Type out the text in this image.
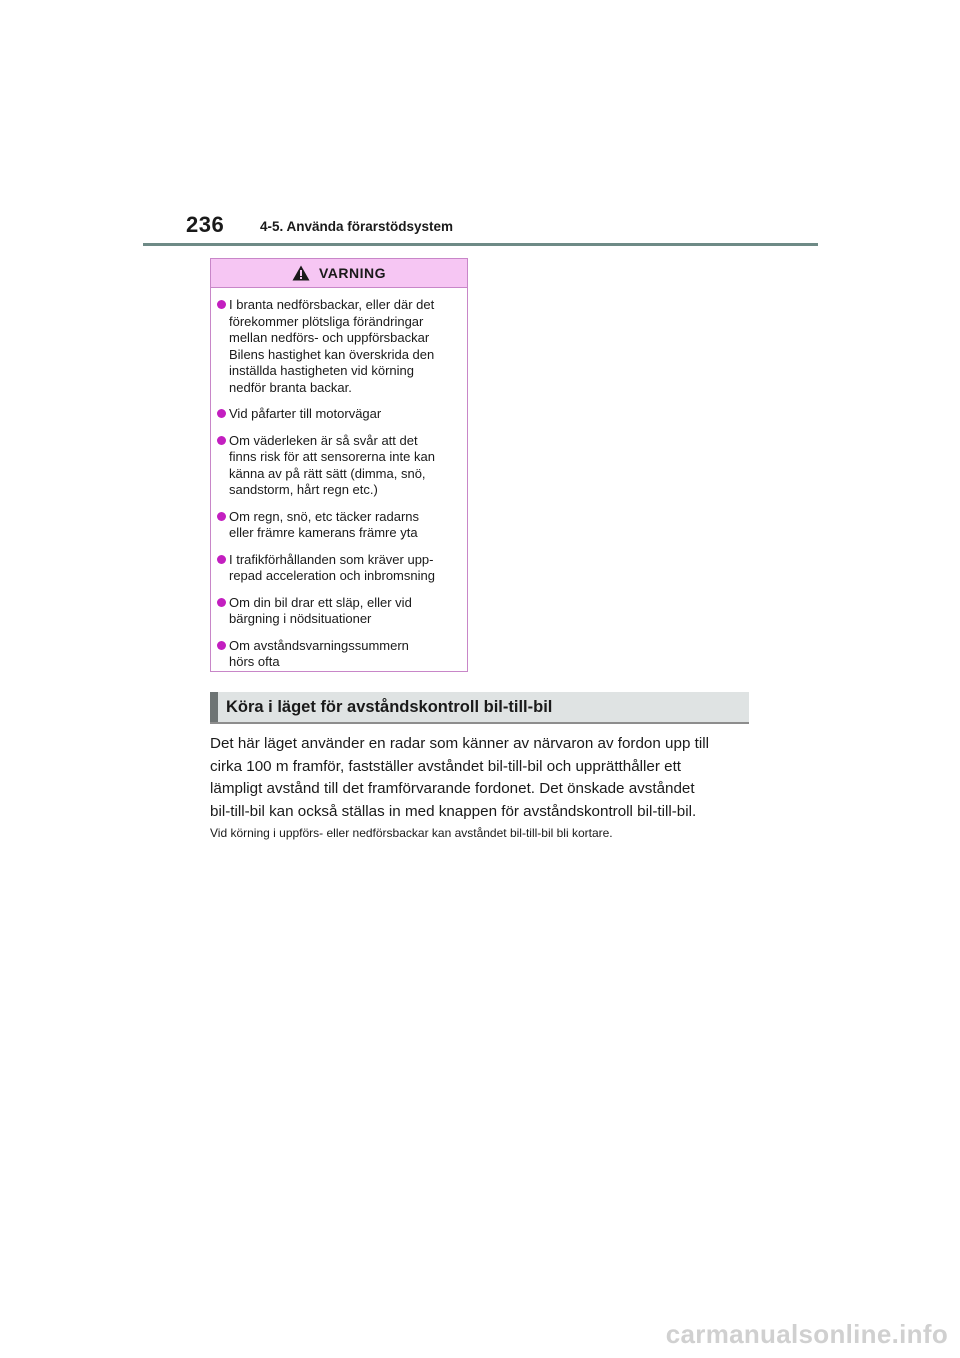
236	4-5. Använda förarstödsystem
VARNING
I branta nedförsbackar, eller där det
förekommer plötsliga förändringar
mellan nedförs- och uppförsbackar
Bilens hastighet kan överskrida den
inställda hastigheten vid körning
nedför branta backar.
Vid påfarter till motorvägar
Om väderleken är så svår att det
finns risk för att sensorerna inte kan
känna av på rätt sätt (dimma, snö,
sandstorm, hårt regn etc.)
Om regn, snö, etc täcker radarns
eller främre kamerans främre yta
I trafikförhållanden som kräver upp-
repad acceleration och inbromsning
Om din bil drar ett släp, eller vid
bärgning i nödsituationer
Om avståndsvarningssummern
hörs ofta
Köra i läget för avståndskontroll bil-till-bil

Det här läget använder en radar som känner av närvaron av fordon upp till
cirka 100 m framför, fastställer avståndet bil-till-bil och upprätthåller ett
lämpligt avstånd till det framförvarande fordonet. Det önskade avståndet
bil-till-bil kan också ställas in med knappen för avståndskontroll bil-till-bil.

Vid körning i uppförs- eller nedförsbackar kan avståndet bil-till-bil bli kortare.

carmanualsonline.info
